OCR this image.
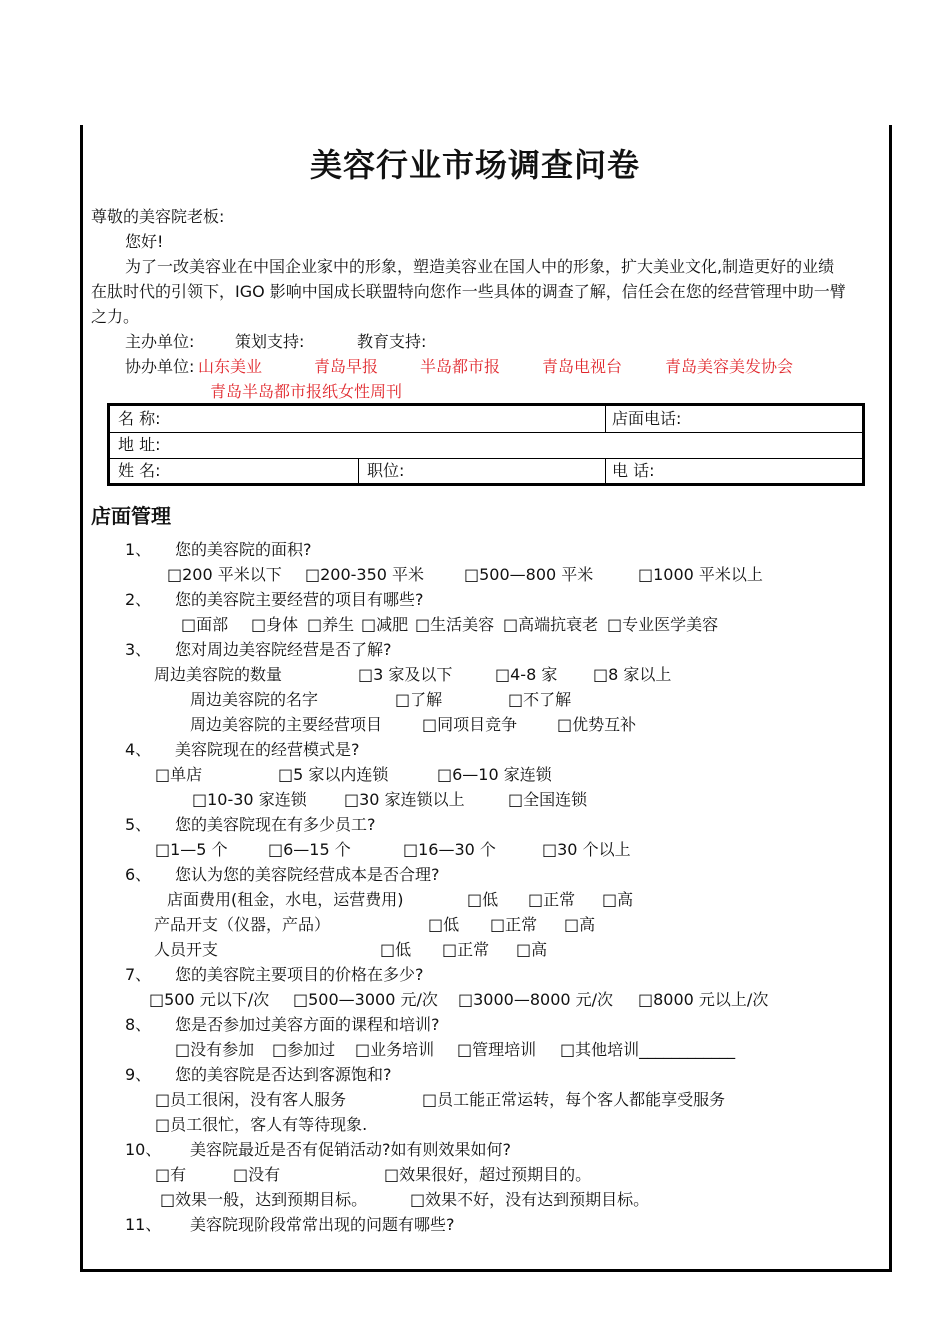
美容行业市场调查问卷
尊敬的美容院老板:
您好!
为了一改美容业在中国企业家中的形象，塑造美容业在国人中的形象，扩大美业文化,制造更好的业绩
在肽时代的引领下，IGO 影响中国成长联盟特向您作一些具体的调查了解，信任会在您的经营管理中助一臂
之力。
主办单位:	策划支持:	教育支持:
协办单位: 山东美业	青岛早报	半岛都市报	青岛电视台	青岛美容美发协会
青岛半岛都市报纸女性周刊
名 称:	店面电话:
地 址:
姓 名:	职位:	电 话:
店面管理
1、 您的美容院的面积?
□200 平米以下 □200-350 平米 □500—800 平米	□1000 平米以上
2、 您的美容院主要经营的项目有哪些?
□面部 □身体 □养生 □减肥 □生活美容 □高端抗衰老 □专业医学美容
3、 您对周边美容院经营是否了解?
周边美容院的数量	□3 家及以下	□4-8 家 □8 家以上
周边美容院的名字	□了解	□不了解
周边美容院的主要经营项目 □同项目竞争 □优势互补
4、 美容院现在的经营模式是?
□单店	□5 家以内连锁	□6—10 家连锁
□10-30 家连锁 □30 家连锁以上	□全国连锁
5、 您的美容院现在有多少员工?
□1—5 个	□6—15 个	□16—30 个	□30 个以上
6、 您认为您的美容院经营成本是否合理?
店面费用(租金，水电，运营费用)	□低 □正常 □高
产品开支（仪器，产品）	□低 □正常 □高
人员开支	□低 □正常 □高
7、 您的美容院主要项目的价格在多少?
□500 元以下/次 □500—3000 元/次 □3000—8000 元/次 □8000 元以上/次
8、 您是否参加过美容方面的课程和培训?
□没有参加 □参加过 □业务培训 □管理培训 □其他培训____________
9、 您的美容院是否达到客源饱和?
□员工很闲，没有客人服务	□员工能正常运转，每个客人都能享受服务
□员工很忙，客人有等待现象.
10、 美容院最近是否有促销活动?如有则效果如何?
□有	□没有	□效果很好，超过预期目的。
□效果一般，达到预期目标。	□效果不好，没有达到预期目标。
11、 美容院现阶段常常出现的问题有哪些?
